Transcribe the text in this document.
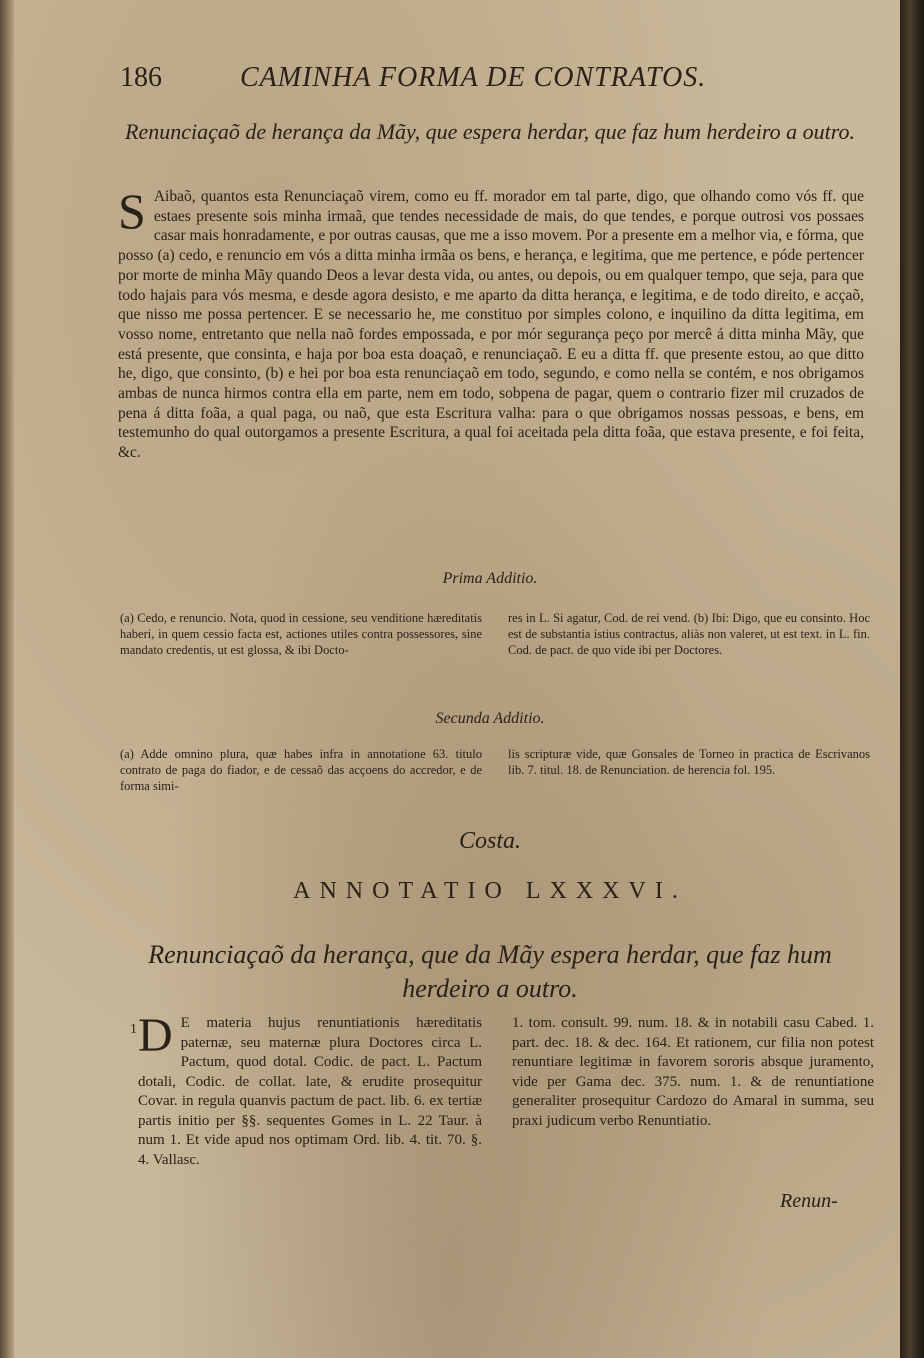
186	CAMINHA FORMA DE CONTRATOS.
Renunciaçaõ de herança da Mãy, que espera herdar, que faz hum herdeiro a outro.
S Aibaõ, quantos esta Renunciaçaõ virem, como eu ff. morador em tal parte, digo, que olhando como vós ff. que estaes presente sois minha irmaã, que tendes necessidade de mais, do que tendes, e porque outrosi vos possaes casar mais honradamente, e por outras causas, que me a isso movem. Por a presente em a melhor via, e fórma, que posso (a) cedo, e renuncio em vós a ditta minha irmãa os bens, e herança, e legitima, que me pertence, e póde pertencer por morte de minha Mãy quando Deos a levar desta vida, ou antes, ou depois, ou em qualquer tempo, que seja, para que todo hajais para vós mesma, e desde agora desisto, e me aparto da ditta herança, e legitima, e de todo direito, e acçaõ, que nisso me possa pertencer. E se necessario he, me constituo por simples colono, e inquilino da ditta legitima, em vosso nome, entretanto que nella naõ fordes empossada, e por mór segurança peço por mercê á ditta minha Mãy, que está presente, que consinta, e haja por boa esta doaçaõ, e renunciaçaõ. E eu a ditta ff. que presente estou, ao que ditto he, digo, que consinto, (b) e hei por boa esta renunciaçaõ em todo, segundo, e como nella se contém, e nos obrigamos ambas de nunca hirmos contra ella em parte, nem em todo, sobpena de pagar, quem o contrario fizer mil cruzados de pena á ditta foãa, a qual paga, ou naõ, que esta Escritura valha: para o que obrigamos nossas pessoas, e bens, em testemunho do qual outorgamos a presente Escritura, a qual foi aceitada pela ditta foãa, que estava presente, e foi feita, &c.
Prima Additio.
(a) Cedo, e renuncio. Nota, quod in cessione, seu venditione hæreditatis haberi, in quem cessio facta est, actiones utiles contra possessores, sine mandato credentis, ut est glossa, & ibi Docto-
res in L. Si agatur, Cod. de rei vend. (b) Ibi: Digo, que eu consinto. Hoc est de substantia istius contractus, aliàs non valeret, ut est text. in L. fin. Cod. de pact. de quo vide ibi per Doctores.
Secunda Additio.
(a) Adde omnino plura, quæ habes infra in annotatione 63. titulo contrato de paga do fiador, e de cessaõ das acçoens do accredor, e de forma simi-
lis scripturæ vide, quæ Gonsales de Torneo in practica de Escrivanos lib. 7. titul. 18. de Renunciation. de herencia fol. 195.
Costa.
ANNOTATIO LXXXVI.
Renunciaçaõ da herança, que da Mãy espera herdar, que faz hum herdeiro a outro.
1 D E materia hujus renuntiationis hæreditatis paternæ, seu maternæ plura Doctores circa L. Pactum, quod dotal. Codic. de pact. L. Pactum dotali, Codic. de collat. late, & erudite prosequitur Covar. in regula quanvis pactum de pact. lib. 6. ex tertiæ partis initio per §§. sequentes Gomes in L. 22 Taur. à num 1. Et vide apud nos optimam Ord. lib. 4. tit. 70. §. 4. Vallasc.
1. tom. consult. 99. num. 18. & in notabili casu Cabed. 1. part. dec. 18. & dec. 164. Et rationem, cur filia non potest renuntiare legitimæ in favorem sororis absque juramento, vide per Gama dec. 375. num. 1. & de renuntiatione generaliter prosequitur Cardozo do Amaral in summa, seu praxi judicum verbo Renuntiatio.
Renun-
